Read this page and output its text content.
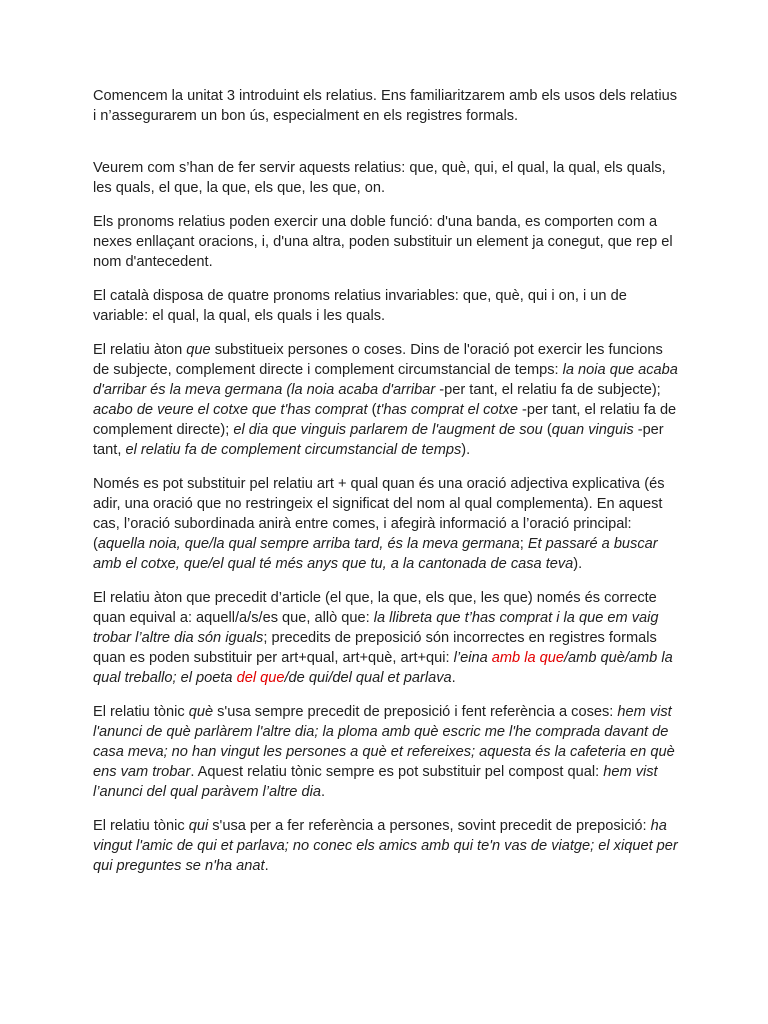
Comencem la unitat 3 introduint els relatius. Ens familiaritzarem amb els usos dels relatius i n’assegurarem un bon ús, especialment en els registres formals.

Veurem com s’han de fer servir aquests relatius: que, què, qui, el qual, la qual, els quals, les quals, el que, la que, els que, les que, on.

Els pronoms relatius poden exercir una doble funció: d'una banda, es comporten com a nexes enllaçant oracions, i, d'una altra, poden substituir un element ja conegut, que rep el nom d'antecedent.

El català disposa de quatre pronoms relatius invariables: que, què, qui i on, i un de variable: el qual, la qual, els quals i les quals.

El relatiu àton que substitueix persones o coses. Dins de l'oració pot exercir les funcions de subjecte, complement directe i complement circumstancial de temps: la noia que acaba d'arribar és la meva germana (la noia acaba d'arribar -per tant, el relatiu fa de subjecte); acabo de veure el cotxe que t'has comprat (t'has comprat el cotxe -per tant, el relatiu fa de complement directe); el dia que vinguis parlarem de l'augment de sou (quan vinguis -per tant, el relatiu fa de complement circumstancial de temps).

Només es pot substituir pel relatiu art + qual quan és una oració adjectiva explicativa (és adir, una oració que no restringeix el significat del nom al qual complementa). En aquest cas, l’oració subordinada anirà entre comes, i afegirà informació a l’oració principal: (aquella noia, que/la qual sempre arriba tard, és la meva germana; Et passaré a buscar amb el cotxe, que/el qual té més anys que tu, a la cantonada de casa teva).

El relatiu àton que precedit d’article (el que, la que, els que, les que) només és correcte quan equival a: aquell/a/s/es que, allò que: la llibreta que t’has comprat i la que em vaig trobar l’altre dia són iguals; precedits de preposició són incorrectes en registres formals quan es poden substituir per art+qual, art+què, art+qui: l’eina amb la que/amb què/amb la qual treballo; el poeta del que/de qui/del qual et parlava.

El relatiu tònic què s'usa sempre precedit de preposició i fent referència a coses: hem vist l'anunci de què parlàrem l'altre dia; la ploma amb què escric me l'he comprada davant de casa meva; no han vingut les persones a què et refereixes; aquesta és la cafeteria en què ens vam trobar. Aquest relatiu tònic sempre es pot substituir pel compost qual: hem vist l’anunci del qual paràvem l’altre dia.

El relatiu tònic qui s'usa per a fer referència a persones, sovint precedit de preposició: ha vingut l'amic de qui et parlava; no conec els amics amb qui te'n vas de viatge; el xiquet per qui preguntes se n'ha anat.
